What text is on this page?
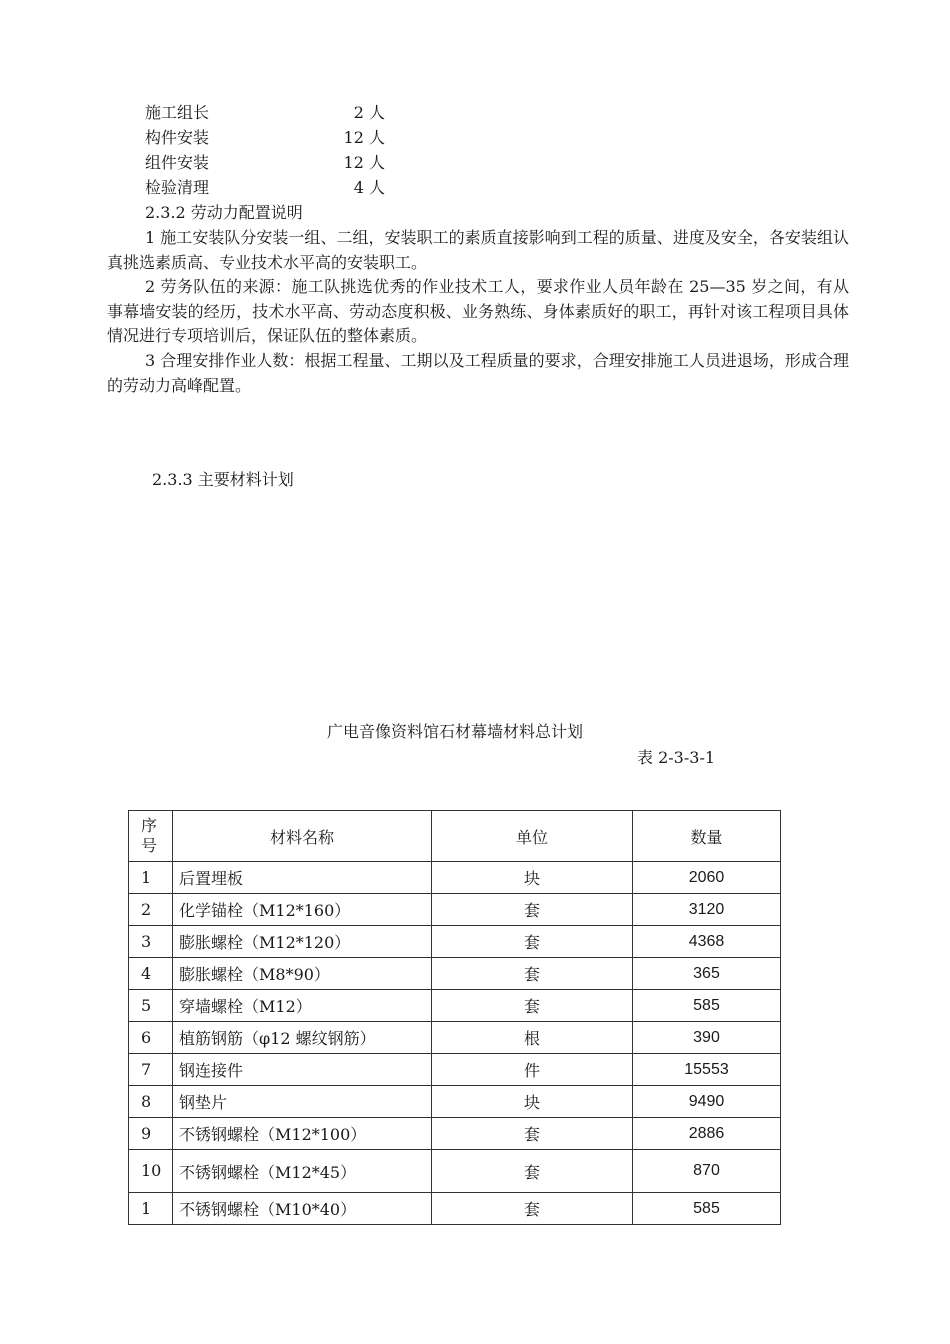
施工组长	2 人
构件安装	12 人
组件安装	12 人
检验清理	4 人
2.3.2 劳动力配置说明

1 施工安装队分安装一组、二组，安装职工的素质直接影响到工程的质量、进度及安全，各安装组认真挑选素质高、专业技术水平高的安装职工。

2 劳务队伍的来源：施工队挑选优秀的作业技术工人，要求作业人员年龄在 25—35 岁之间，有从事幕墙安装的经历，技术水平高、劳动态度积极、业务熟练、身体素质好的职工，再针对该工程项目具体情况进行专项培训后，保证队伍的整体素质。

3 合理安排作业人数：根据工程量、工期以及工程质量的要求，合理安排施工人员进退场，形成合理的劳动力高峰配置。

2.3.3 主要材料计划
广电音像资料馆石材幕墙材料总计划
表 2-3-3-1
序号	材料名称	单位	数量
1	后置埋板	块	2060
2	化学锚栓（M12*160）	套	3120
3	膨胀螺栓（M12*120）	套	4368
4	膨胀螺栓（M8*90）	套	365
5	穿墙螺栓（M12）	套	585
6	植筋钢筋（φ12 螺纹钢筋）	根	390
7	钢连接件	件	15553
8	钢垫片	块	9490
9	不锈钢螺栓（M12*100）	套	2886
10	不锈钢螺栓（M12*45）	套	870
1	不锈钢螺栓（M10*40）	套	585
